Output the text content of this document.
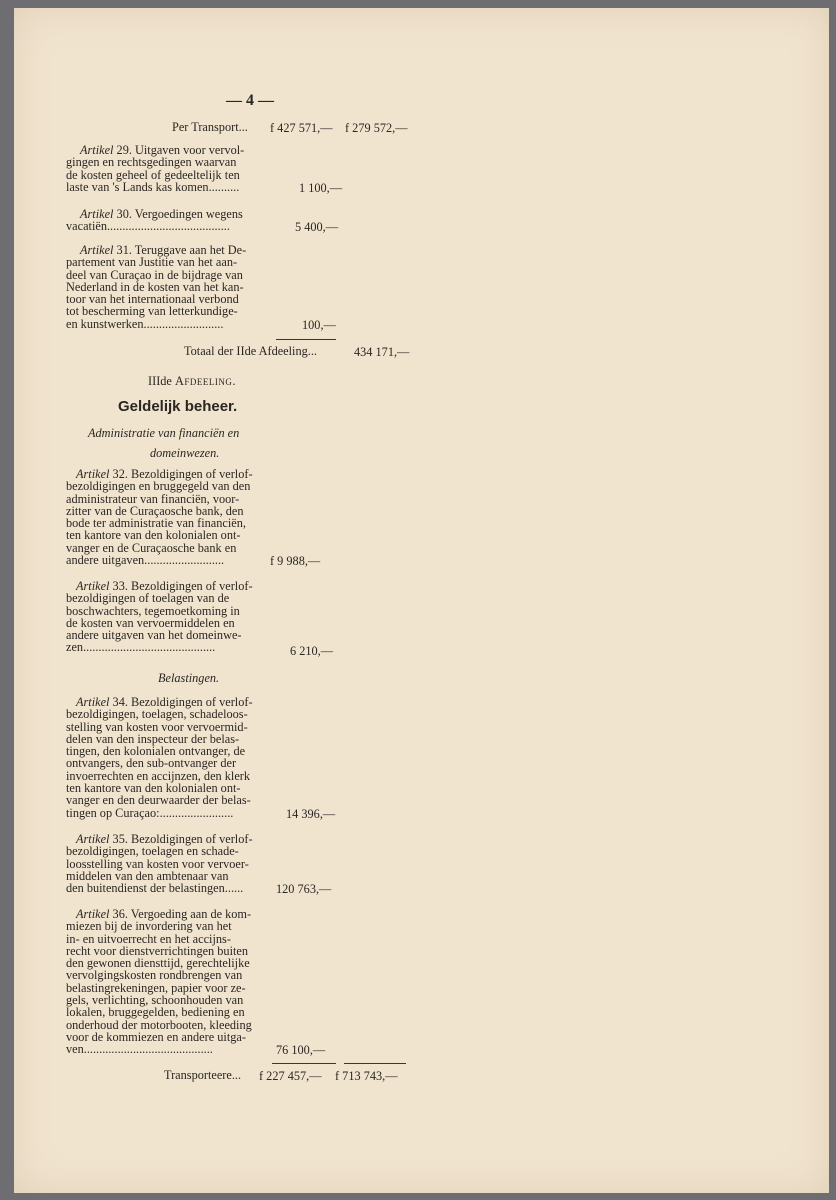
— 4 —
Per Transport... f 427 571,— f 279 572,—
Artikel 29. Uitgaven voor vervol-
gingen en rechtsgedingen waarvan
de kosten geheel of gedeeltelijk ten
laste van 's Lands kas komen..........	1 100,—
Artikel 30. Vergoedingen wegens
vacatiën........................................	5 400,—
Artikel 31. Teruggave aan het De-
partement van Justitie van het aan-
deel van Curaçao in de bijdrage van
Nederland in de kosten van het kan-
toor van het internationaal verbond
tot bescherming van letterkundige-
en kunstwerken..........................	100,—
Totaal der IIde Afdeeling...	434 171,—
IIIde Afdeeling.
Geldelijk beheer.
Administratie van financiën en
domeinwezen.
Artikel 32. Bezoldigingen of verlof-
bezoldigingen en bruggegeld van den
administrateur van financiën, voor-
zitter van de Curaçaosche bank, den
bode ter administratie van financiën,
ten kantore van den kolonialen ont-
vanger en de Curaçaosche bank en
andere uitgaven..........................	f 9 988,—
Artikel 33. Bezoldigingen of verlof-
bezoldigingen of toelagen van de
boschwachters, tegemoetkoming in
de kosten van vervoermiddelen en
andere uitgaven van het domeinwe-
zen...........................................	6 210,—
Belastingen.
Artikel 34. Bezoldigingen of verlof-
bezoldigingen, toelagen, schadeloos-
stelling van kosten voor vervoermid-
delen van den inspecteur der belas-
tingen, den kolonialen ontvanger, de
ontvangers, den sub-ontvanger der
invoerrechten en accijnzen, den klerk
ten kantore van den kolonialen ont-
vanger en den deurwaarder der belas-
tingen op Curaçao:........................	14 396,—
Artikel 35. Bezoldigingen of verlof-
bezoldigingen, toelagen en schade-
loosstelling van kosten voor vervoer-
middelen van den ambtenaar van
den buitendienst der belastingen......	120 763,—
Artikel 36. Vergoeding aan de kom-
miezen bij de invordering van het
in- en uitvoerrecht en het accijns-
recht voor dienstverrichtingen buiten
den gewonen diensttijd, gerechtelijke
vervolgingskosten rondbrengen van
belastingrekeningen, papier voor ze-
gels, verlichting, schoonhouden van
lokalen, bruggegelden, bediening en
onderhoud der motorbooten, kleeding
voor de kommiezen en andere uitga-
ven..........................................	76 100,—
Transporteere... f 227 457,— f 713 743,—
